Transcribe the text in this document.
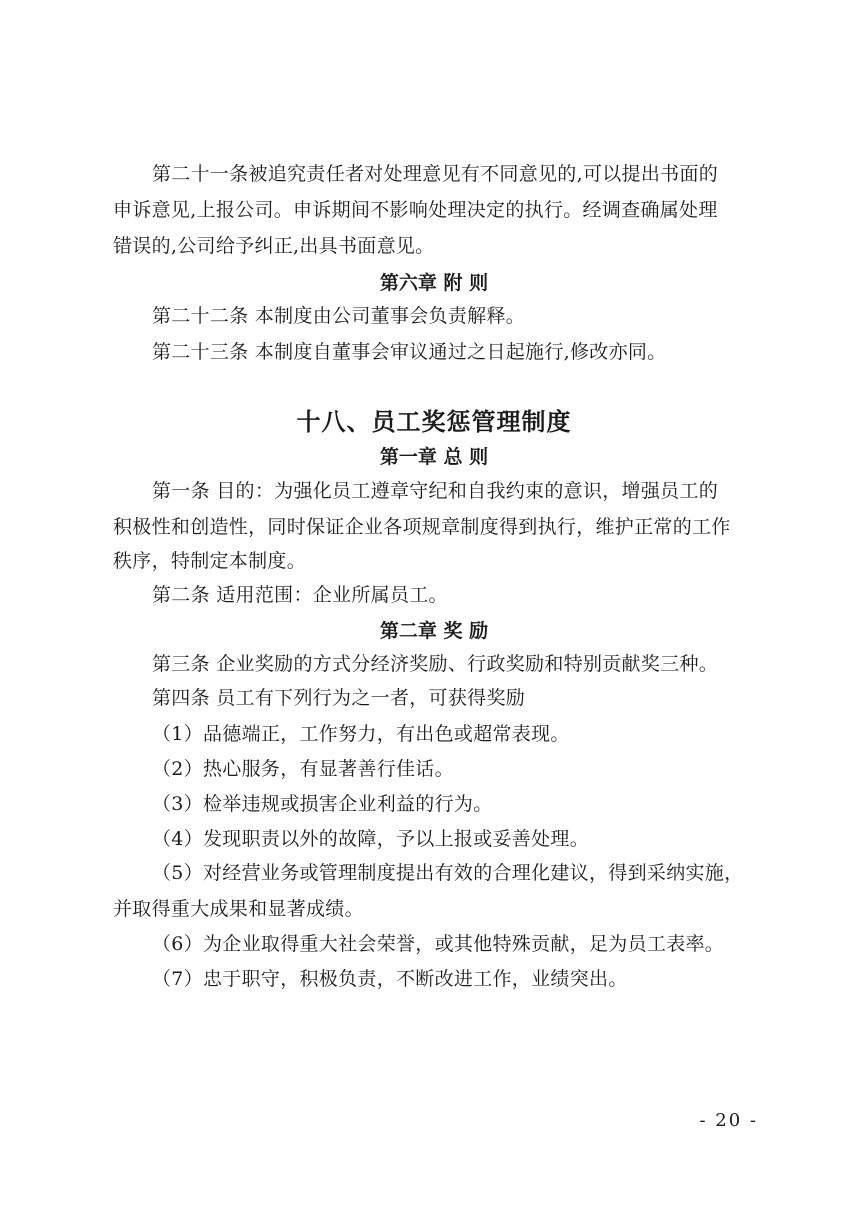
第二十一条被追究责任者对处理意见有不同意见的,可以提出书面的
申诉意见,上报公司。申诉期间不影响处理决定的执行。经调查确属处理
错误的,公司给予纠正,出具书面意见。
第六章 附 则
第二十二条 本制度由公司董事会负责解释。
第二十三条 本制度自董事会审议通过之日起施行,修改亦同。
十八、员工奖惩管理制度
第一章 总 则
第一条 目的：为强化员工遵章守纪和自我约束的意识，增强员工的
积极性和创造性，同时保证企业各项规章制度得到执行，维护正常的工作
秩序，特制定本制度。
第二条 适用范围：企业所属员工。
第二章 奖 励
第三条 企业奖励的方式分经济奖励、行政奖励和特别贡献奖三种。
第四条 员工有下列行为之一者，可获得奖励
（1）品德端正，工作努力，有出色或超常表现。
（2）热心服务，有显著善行佳话。
（3）检举违规或损害企业利益的行为。
（4）发现职责以外的故障，予以上报或妥善处理。
（5）对经营业务或管理制度提出有效的合理化建议，得到采纳实施，
并取得重大成果和显著成绩。
（6）为企业取得重大社会荣誉，或其他特殊贡献，足为员工表率。
（7）忠于职守，积极负责，不断改进工作，业绩突出。
- 20 -
